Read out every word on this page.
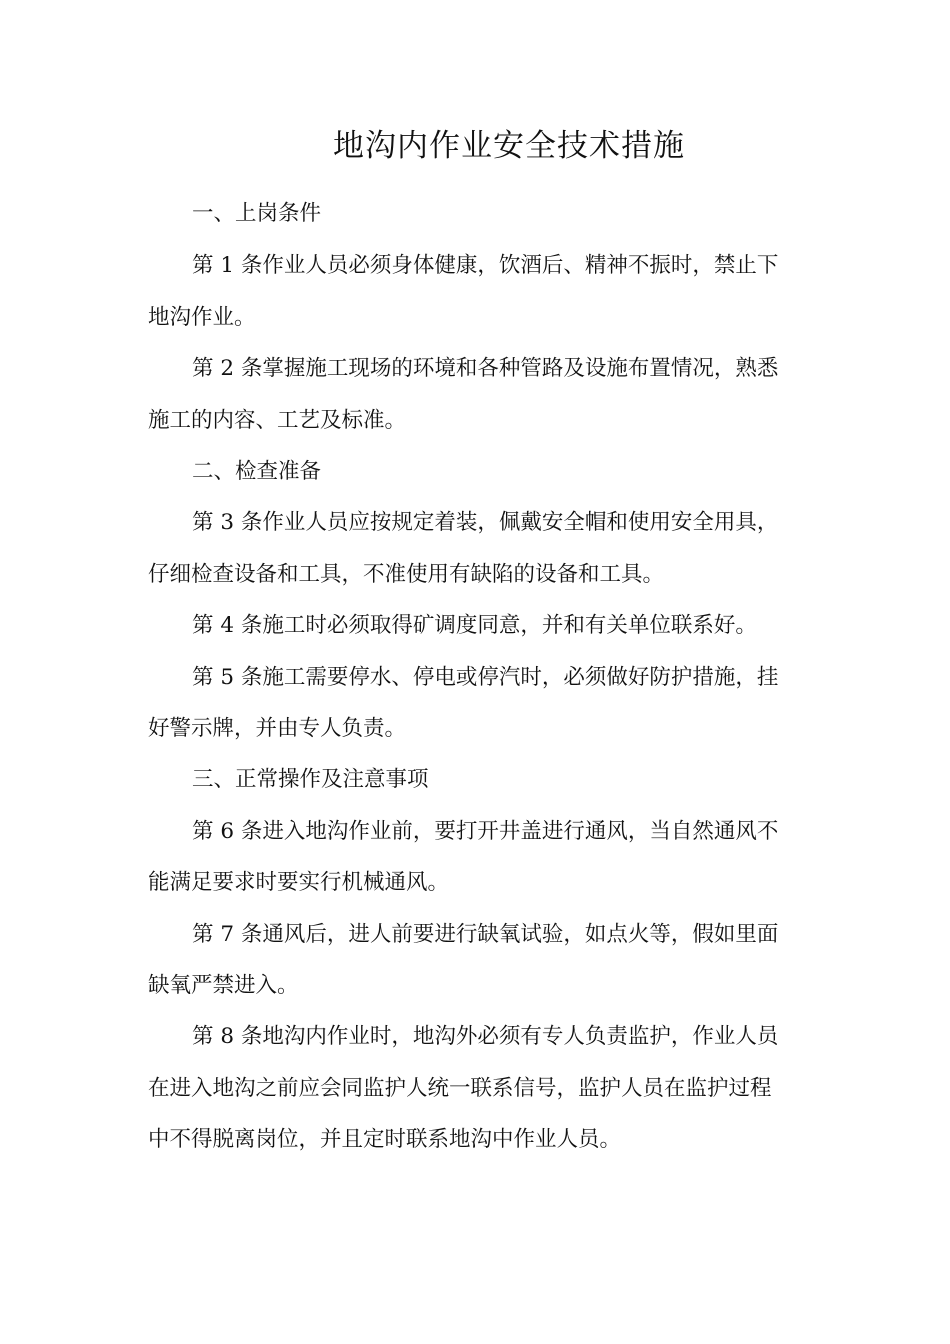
地沟内作业安全技术措施
一、上岗条件
第 1 条作业人员必须身体健康，饮酒后、精神不振时，禁止下
地沟作业。
第 2 条掌握施工现场的环境和各种管路及设施布置情况，熟悉
施工的内容、工艺及标准。
二、检查准备
第 3 条作业人员应按规定着装，佩戴安全帽和使用安全用具，
仔细检查设备和工具，不准使用有缺陷的设备和工具。
第 4 条施工时必须取得矿调度同意，并和有关单位联系好。
第 5 条施工需要停水、停电或停汽时，必须做好防护措施，挂
好警示牌，并由专人负责。
三、正常操作及注意事项
第 6 条进入地沟作业前，要打开井盖进行通风，当自然通风不
能满足要求时要实行机械通风。
第 7 条通风后，进人前要进行缺氧试验，如点火等，假如里面
缺氧严禁进入。
第 8 条地沟内作业时，地沟外必须有专人负责监护，作业人员
在进入地沟之前应会同监护人统一联系信号，监护人员在监护过程
中不得脱离岗位，并且定时联系地沟中作业人员。
